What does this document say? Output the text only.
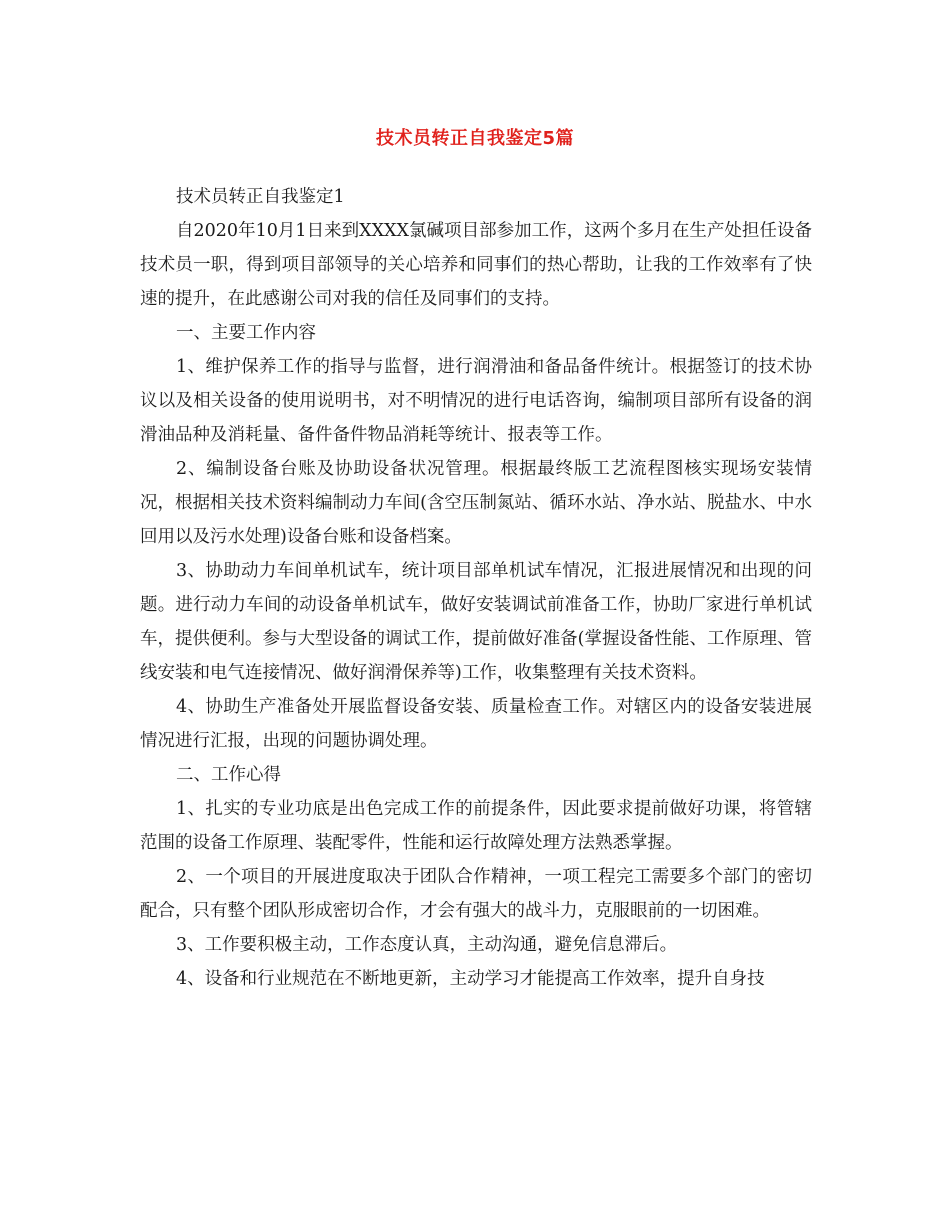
技术员转正自我鉴定5篇

技术员转正自我鉴定1

自2020年10月1日来到XXXX氯碱项目部参加工作，这两个多月在生产处担任设备技术员一职，得到项目部领导的关心培养和同事们的热心帮助，让我的工作效率有了快速的提升，在此感谢公司对我的信任及同事们的支持。

一、主要工作内容

1、维护保养工作的指导与监督，进行润滑油和备品备件统计。根据签订的技术协议以及相关设备的使用说明书，对不明情况的进行电话咨询，编制项目部所有设备的润滑油品种及消耗量、备件备件物品消耗等统计、报表等工作。

2、编制设备台账及协助设备状况管理。根据最终版工艺流程图核实现场安装情况，根据相关技术资料编制动力车间(含空压制氮站、循环水站、净水站、脱盐水、中水回用以及污水处理)设备台账和设备档案。

3、协助动力车间单机试车，统计项目部单机试车情况，汇报进展情况和出现的问 题。进行动力车间的动设备单机试车，做好安装调试前准备工作，协助厂家进行单机试车，提供便利。参与大型设备的调试工作，提前做好准备(掌握设备性能、工作原理、管线安装和电气连接情况、做好润滑保养等)工作，收集整理有关技术资料。

4、协助生产准备处开展监督设备安装、质量检查工作。对辖区内的设备安装进展情况进行汇报，出现的问题协调处理。

二、工作心得

1、扎实的专业功底是出色完成工作的前提条件，因此要求提前做好功课，将管辖范围的设备工作原理、装配零件，性能和运行故障处理方法熟悉掌握。

2、一个项目的开展进度取决于团队合作精神，一项工程完工需要多个部门的密切配合，只有整个团队形成密切合作，才会有强大的战斗力，克服眼前的一切困难。

3、工作要积极主动，工作态度认真，主动沟通，避免信息滞后。

4、设备和行业规范在不断地更新，主动学习才能提高工作效率，提升自身技
